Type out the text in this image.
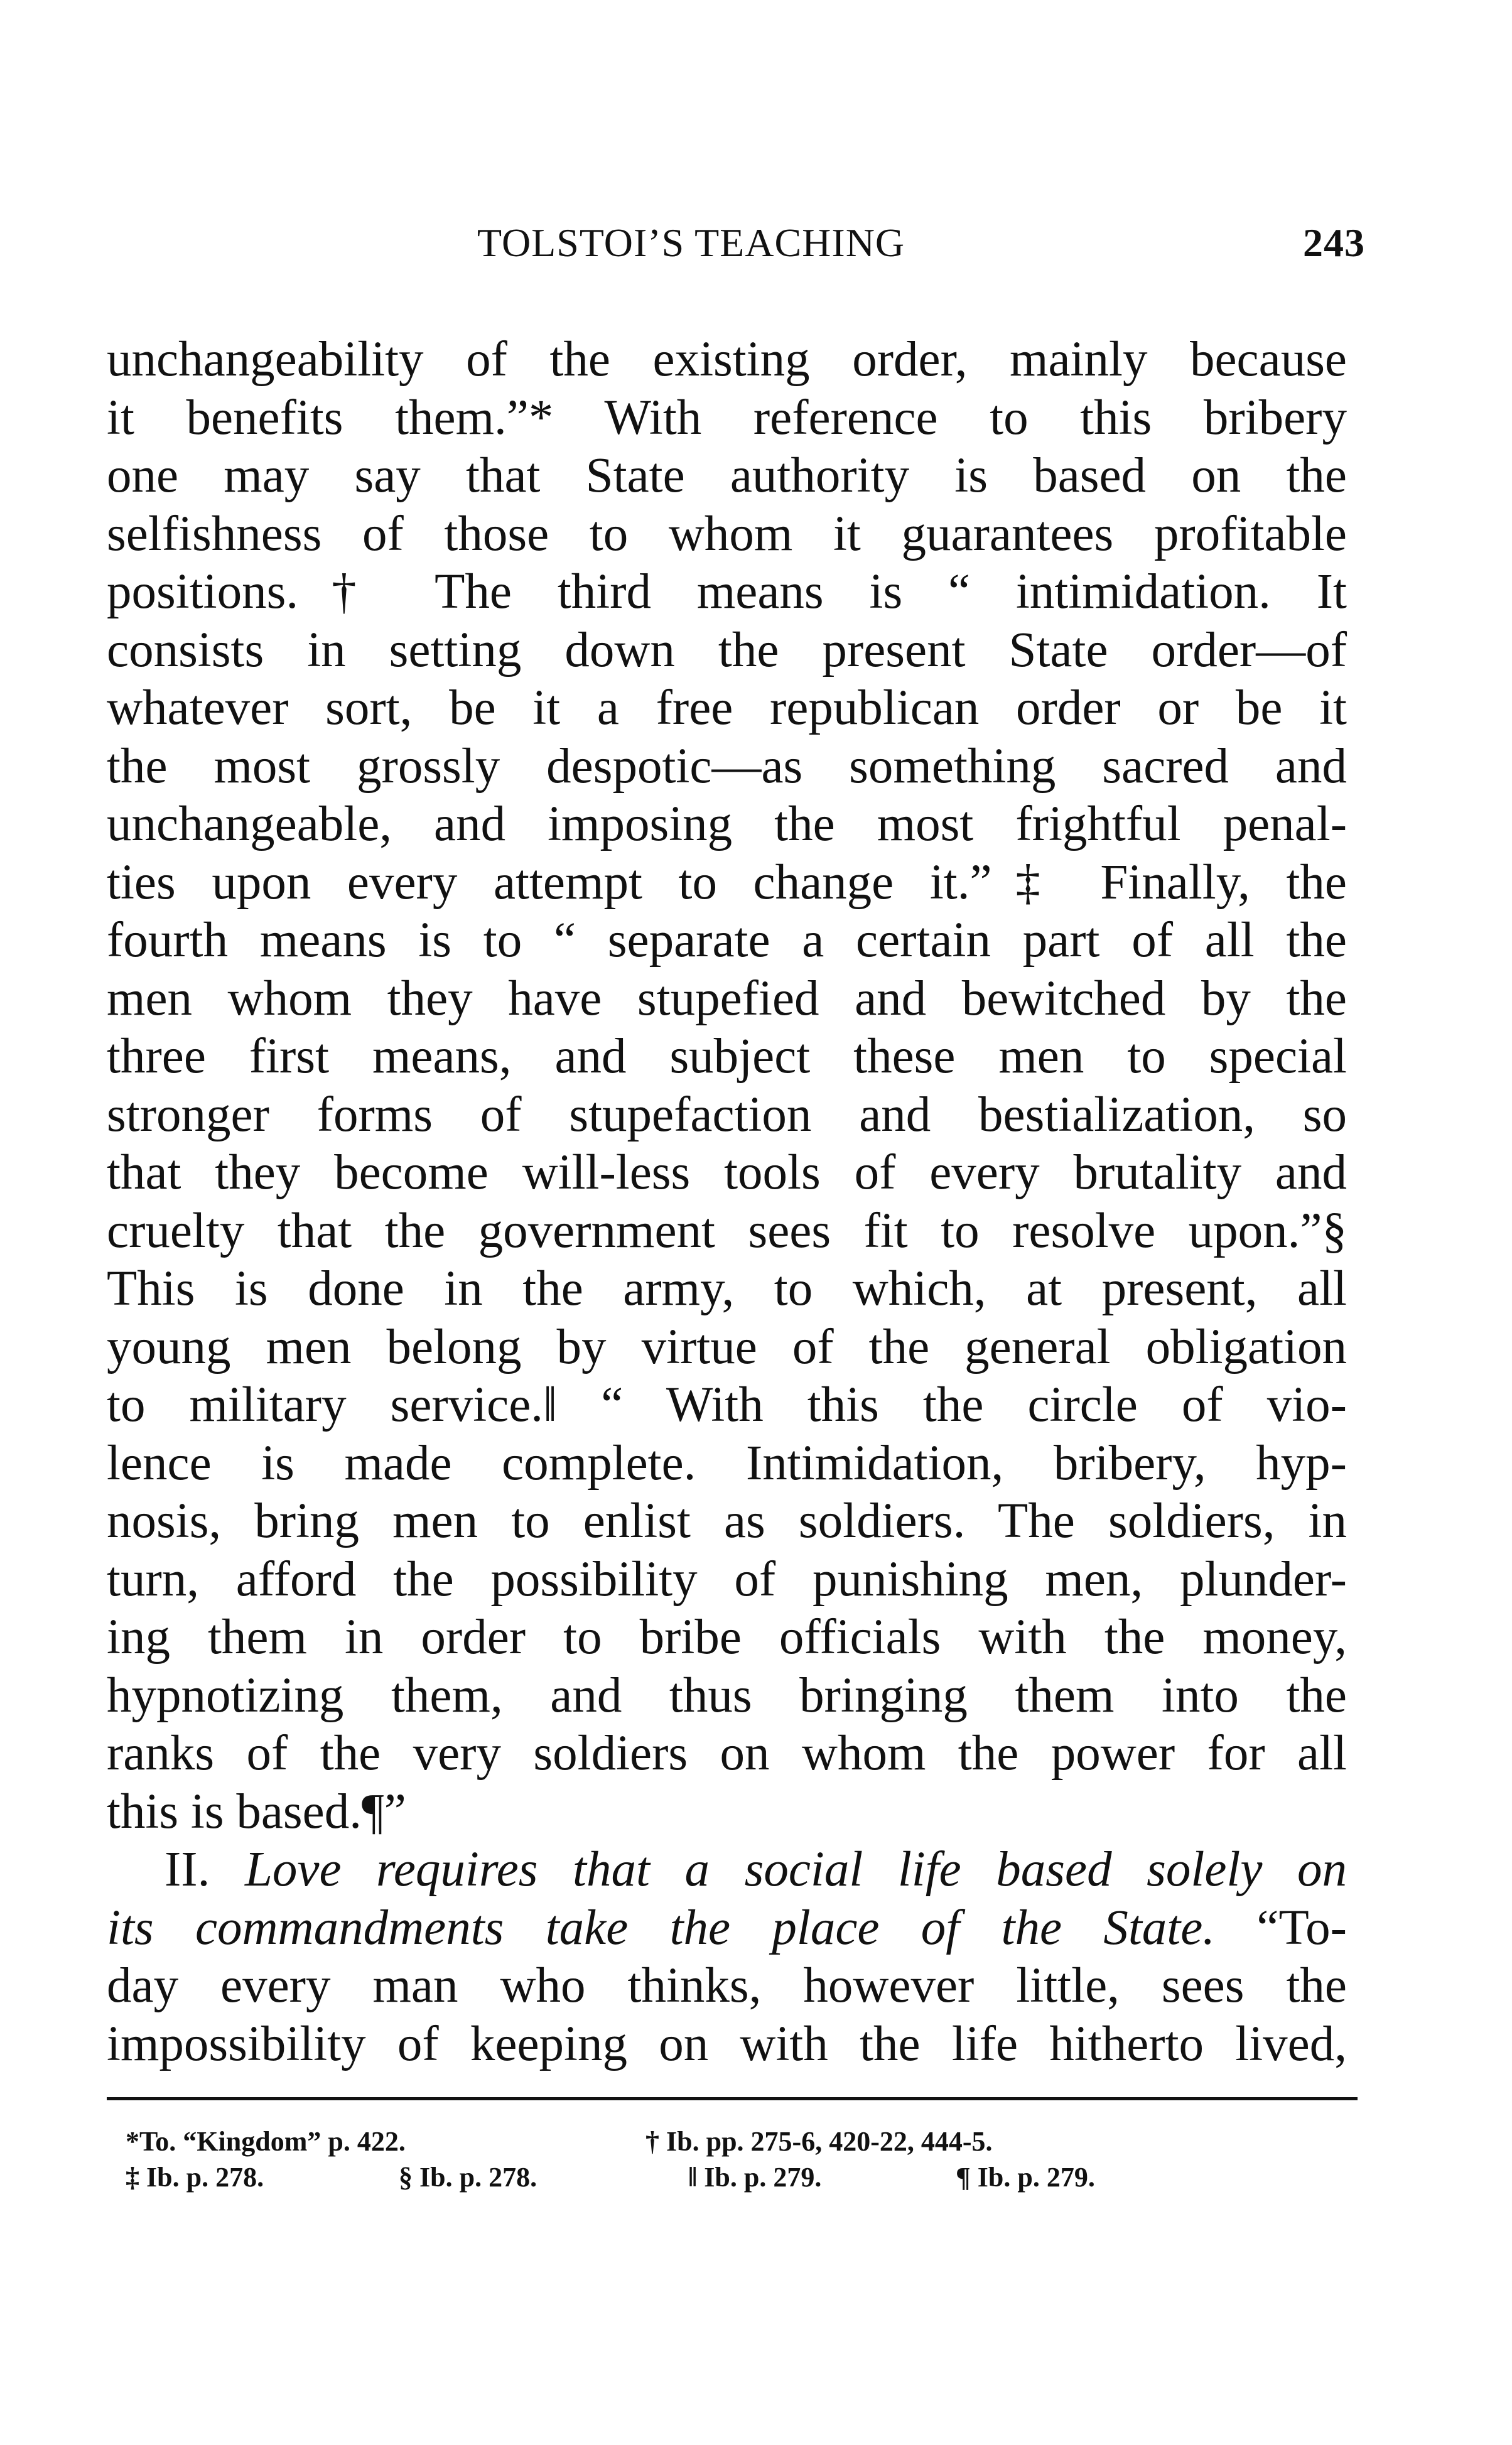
TOLSTOI’S TEACHING	243
unchangeability of the existing order, mainly because
it benefits them.”* With reference to this bribery
one may say that State authority is based on the
selfishness of those to whom it guarantees profitable
positions.† The third means is “ intimidation. It
consists in setting down the present State order—of
whatever sort, be it a free republican order or be it
the most grossly despotic—as something sacred and
unchangeable, and imposing the most frightful penal-
ties upon every attempt to change it.”‡ Finally, the
fourth means is to “ separate a certain part of all the
men whom they have stupefied and bewitched by the
three first means, and subject these men to special
stronger forms of stupefaction and bestialization, so
that they become will-less tools of every brutality and
cruelty that the government sees fit to resolve upon.”§
This is done in the army, to which, at present, all
young men belong by virtue of the general obligation
to military service.‖ “ With this the circle of vio-
lence is made complete. Intimidation, bribery, hyp-
nosis, bring men to enlist as soldiers. The soldiers, in
turn, afford the possibility of punishing men, plunder-
ing them in order to bribe officials with the money,
hypnotizing them, and thus bringing them into the
ranks of the very soldiers on whom the power for all
this is based.¶”
II. Love requires that a social life based solely on
its commandments take the place of the State. “To-
day every man who thinks, however little, sees the
impossibility of keeping on with the life hitherto lived,
*To. “Kingdom” p. 422.	† Ib. pp. 275-6, 420-22, 444-5.
‡ Ib. p. 278.	§ Ib. p. 278.	‖ Ib. p. 279.	¶ Ib. p. 279.
